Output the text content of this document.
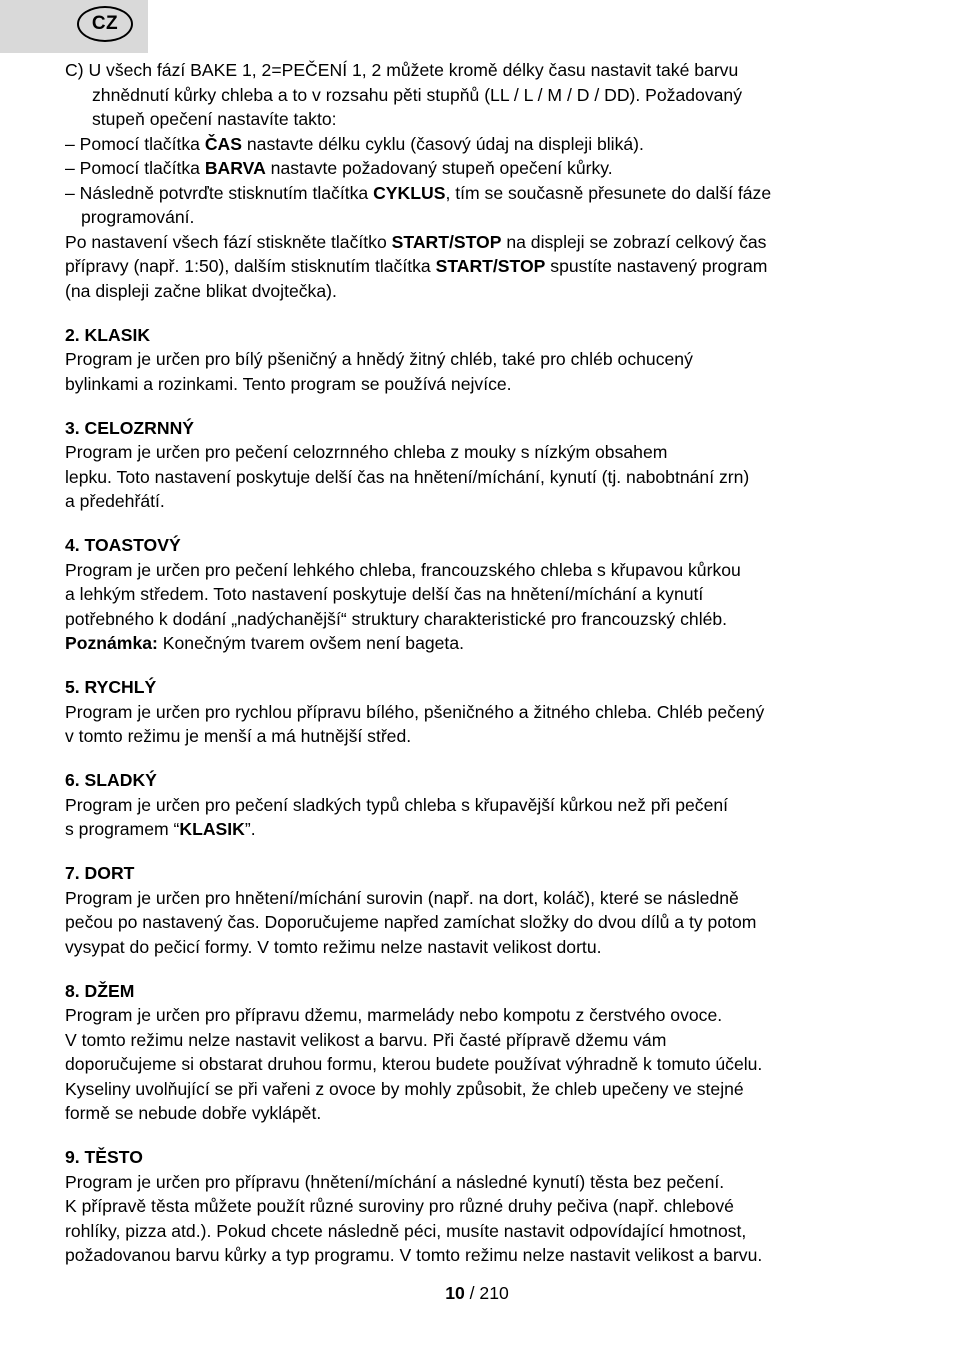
CZ
C) U všech fází BAKE 1, 2=PEČENÍ 1, 2 můžete kromě délky času nastavit také barvu
zhnědnutí kůrky chleba a to v rozsahu pěti stupňů (LL / L / M / D / DD). Požadovaný
stupeň opečení nastavíte takto:
– Pomocí tlačítka ČAS nastavte délku cyklu (časový údaj na displeji bliká).
– Pomocí tlačítka BARVA nastavte požadovaný stupeň opečení kůrky.
– Následně potvrďte stisknutím tlačítka CYKLUS, tím se současně přesunete do další fáze
programování.
Po nastavení všech fází stiskněte tlačítko START/STOP na displeji se zobrazí celkový čas
přípravy (např. 1:50), dalším stisknutím tlačítka START/STOP spustíte nastavený program
(na displeji začne blikat dvojtečka).
2. KLASIK
Program je určen pro bílý pšeničný a hnědý žitný chléb, také pro chléb ochucený
bylinkami a rozinkami. Tento program se používá nejvíce.
3. CELOZRNNÝ
Program je určen pro pečení celozrnného chleba z mouky s nízkým obsahem
lepku. Toto nastavení poskytuje delší čas na hnětení/míchání, kynutí (tj. nabobtnání zrn)
a předehřátí.
4. TOASTOVÝ
Program je určen pro pečení lehkého chleba, francouzského chleba s křupavou kůrkou
a lehkým středem. Toto nastavení poskytuje delší čas na hnětení/míchání a kynutí
potřebného k dodání „nadýchanější“ struktury charakteristické pro francouzský chléb.
Poznámka: Konečným tvarem ovšem není bageta.
5. RYCHLÝ
Program je určen pro rychlou přípravu bílého, pšeničného a žitného chleba. Chléb pečený
v tomto režimu je menší a má hutnější střed.
6. SLADKÝ
Program je určen pro pečení sladkých typů chleba s křupavější kůrkou než při pečení
s programem “KLASIK”.
7. DORT
Program je určen pro hnětení/míchání surovin (např. na dort, koláč), které se následně
pečou po nastavený čas. Doporučujeme napřed zamíchat složky do dvou dílů a ty potom
vysypat do pečicí formy. V tomto režimu nelze nastavit velikost dortu.
8. DŽEM
Program je určen pro přípravu džemu, marmelády nebo kompotu z čerstvého ovoce.
V tomto režimu nelze nastavit velikost a barvu. Při časté přípravě džemu vám
doporučujeme si obstarat druhou formu, kterou budete používat výhradně k tomuto účelu.
Kyseliny uvolňující se při vařeni z ovoce by mohly způsobit, že chleb upečeny ve stejné
formě se nebude dobře vyklápět.
9. TĚSTO
Program je určen pro přípravu (hnětení/míchání a následné kynutí) těsta bez pečení.
K přípravě těsta můžete použít různé suroviny pro různé druhy pečiva (např. chlebové
rohlíky, pizza atd.). Pokud chcete následně péci, musíte nastavit odpovídající hmotnost,
požadovanou barvu kůrky a typ programu. V tomto režimu nelze nastavit velikost a barvu.
10 / 210
